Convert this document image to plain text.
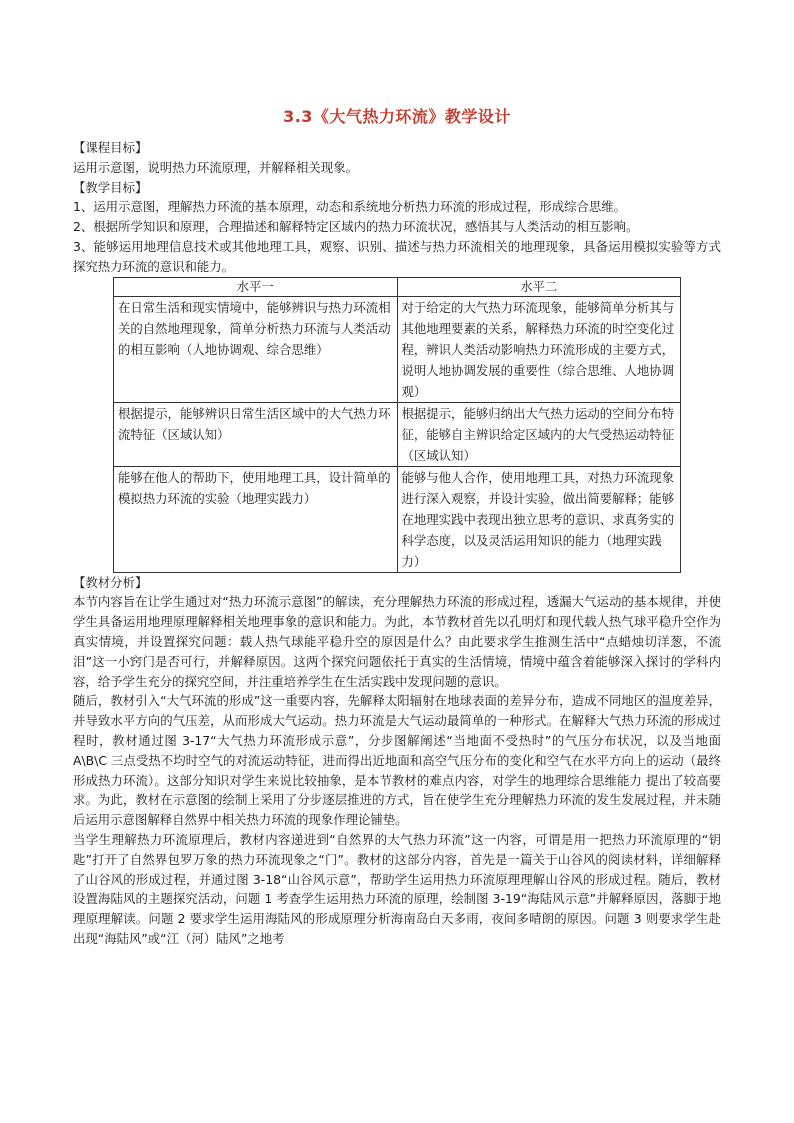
3.3《大气热力环流》教学设计

【课程目标】

运用示意图，说明热力环流原理，并解释相关现象。

【教学目标】

1、运用示意图，理解热力环流的基本原理，动态和系统地分析热力环流的形成过程，形成综合思维。

2、根据所学知识和原理，合理描述和解释特定区域内的热力环流状况，感悟其与人类活动的相互影响。

3、能够运用地理信息技术或其他地理工具，观察、识别、描述与热力环流相关的地理现象，具备运用模拟实验等方式探究热力环流的意识和能力。

水平一	水平二
在日常生活和现实情境中，能够辨识与热力环流相关的自然地理现象，简单分析热力环流与人类活动的相互影响（人地协调观、综合思维）	对于给定的大气热力环流现象，能够简单分析其与其他地理要素的关系，解释热力环流的时空变化过程，辨识人类活动影响热力环流形成的主要方式，说明人地协调发展的重要性（综合思维、人地协调观）
根据提示，能够辨识日常生活区域中的大气热力环流特征（区域认知）	根据提示，能够归纳出大气热力运动的空间分布特征，能够自主辨识给定区域内的大气受热运动特征（区域认知）
能够在他人的帮助下，使用地理工具，设计简单的模拟热力环流的实验（地理实践力）	能够与他人合作，使用地理工具，对热力环流现象进行深入观察，并设计实验，做出简要解释；能够在地理实践中表现出独立思考的意识、求真务实的科学态度，以及灵活运用知识的能力（地理实践力）

【教材分析】

本节内容旨在让学生通过对“热力环流示意图”的解读，充分理解热力环流的形成过程，透漏大气运动的基本规律，并使学生具备运用地理原理解释相关地理事象的意识和能力。为此，本节教材首先以孔明灯和现代载人热气球平稳升空作为真实情境，并设置探究问题：载人热气球能平稳升空的原因是什么？由此要求学生推测生活中“点蜡烛切洋葱，不流泪”这一小窍门是否可行，并解释原因。这两个探究问题依托于真实的生活情境，情境中蕴含着能够深入探讨的学科内容，给予学生充分的探究空间，并注重培养学生在生活实践中发现问题的意识。

随后，教材引入“大气环流的形成”这一重要内容，先解释太阳辐射在地球表面的差异分布，造成不同地区的温度差异，并导致水平方向的气压差，从而形成大气运动。热力环流是大气运动最简单的一种形式。在解释大气热力环流的形成过程时，教材通过图 3-17“大气热力环流形成示意”，分步图解阐述“当地面不受热时”的气压分布状况，以及当地面 A\B\C 三点受热不均时空气的对流运动特征，进而得出近地面和高空气压分布的变化和空气在水平方向上的运动（最终形成热力环流）。这部分知识对学生来说比较抽象，是本节教材的难点内容，对学生的地理综合思维能力 提出了较高要求。为此，教材在示意图的绘制上采用了分步逐层推进的方式，旨在使学生充分理解热力环流的发生发展过程，并未随后运用示意图解释自然界中相关热力环流的现象作理论铺垫。

当学生理解热力环流原理后，教材内容递进到“自然界的大气热力环流”这一内容，可谓是用一把热力环流原理的“钥匙”打开了自然界包罗万象的热力环流现象之“门”。教材的这部分内容，首先是一篇关于山谷风的阅读材料，详细解释了山谷风的形成过程，并通过图 3-18“山谷风示意”，帮助学生运用热力环流原理理解山谷风的形成过程。随后，教材设置海陆风的主题探究活动，问题 1 考查学生运用热力环流的原理，绘制图 3-19“海陆风示意”并解释原因，落脚于地理原理解读。问题 2 要求学生运用海陆风的形成原理分析海南岛白天多雨，夜间多晴朗的原因。问题 3 则要求学生赴出现“海陆风”或“江（河）陆风”之地考
